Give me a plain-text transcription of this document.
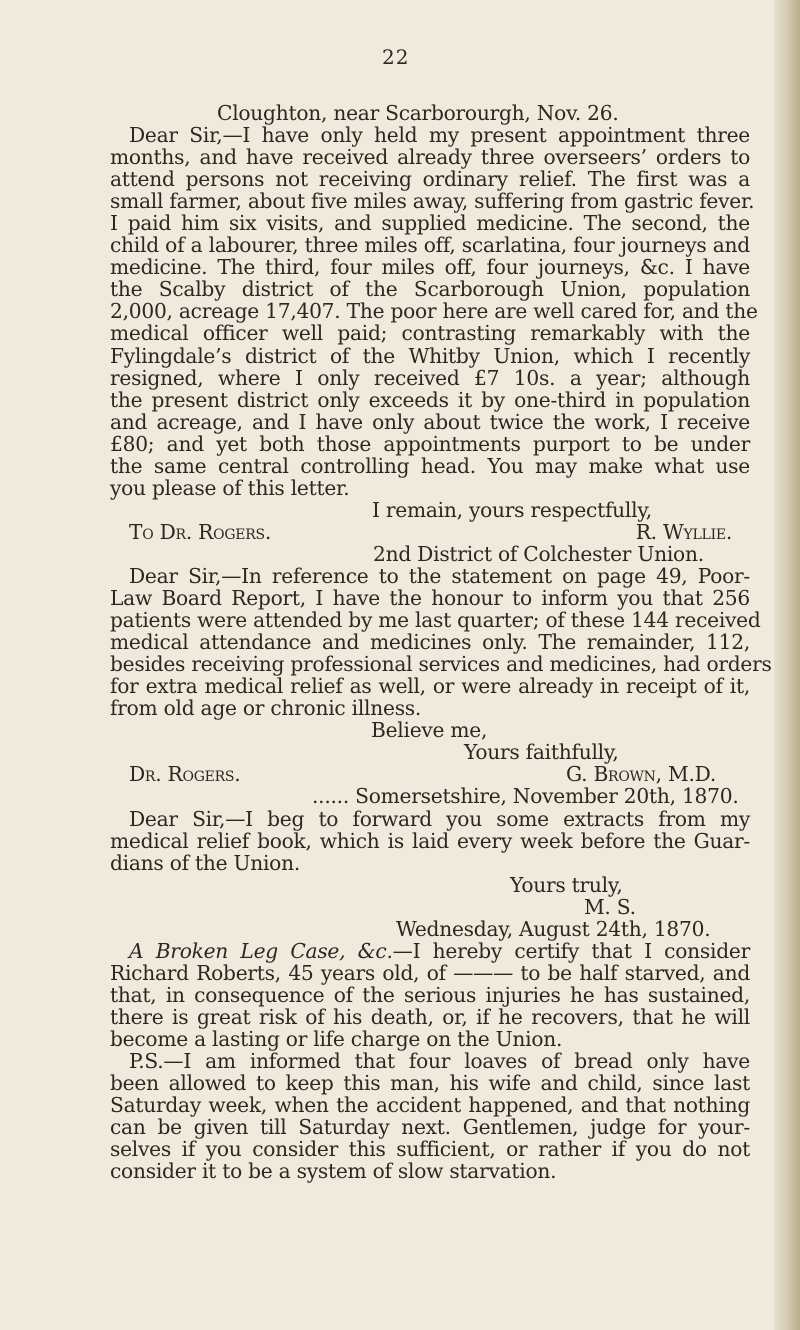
22
Cloughton, near Scarborourgh, Nov. 26.
Dear Sir,—I have only held my present appointment three
months, and have received already three overseers’ orders to
attend persons not receiving ordinary relief. The first was a
small farmer, about five miles away, suffering from gastric fever.
I paid him six visits, and supplied medicine. The second, the
child of a labourer, three miles off, scarlatina, four journeys and
medicine. The third, four miles off, four journeys, &c. I have
the Scalby district of the Scarborough Union, population
2,000, acreage 17,407. The poor here are well cared for, and the
medical officer well paid; contrasting remarkably with the
Fylingdale’s district of the Whitby Union, which I recently
resigned, where I only received £7 10s. a year; although
the present district only exceeds it by one-third in population
and acreage, and I have only about twice the work, I receive
£80; and yet both those appointments purport to be under
the same central controlling head. You may make what use
you please of this letter.
I remain, yours respectfully,
To Dr. Rogers.	R. Wyllie.
2nd District of Colchester Union.
Dear Sir,—In reference to the statement on page 49, Poor-
Law Board Report, I have the honour to inform you that 256
patients were attended by me last quarter; of these 144 received
medical attendance and medicines only. The remainder, 112,
besides receiving professional services and medicines, had orders
for extra medical relief as well, or were already in receipt of it,
from old age or chronic illness.
Believe me,
Yours faithfully,
Dr. Rogers.	G. Brown, M.D.
...... Somersetshire, November 20th, 1870.
Dear Sir,—I beg to forward you some extracts from my
medical relief book, which is laid every week before the Guar-
dians of the Union.
Yours truly,
M. S.
Wednesday, August 24th, 1870.
A Broken Leg Case, &c.—I hereby certify that I consider
Richard Roberts, 45 years old, of ——— to be half starved, and
that, in consequence of the serious injuries he has sustained,
there is great risk of his death, or, if he recovers, that he will
become a lasting or life charge on the Union.
P.S.—I am informed that four loaves of bread only have
been allowed to keep this man, his wife and child, since last
Saturday week, when the accident happened, and that nothing
can be given till Saturday next. Gentlemen, judge for your-
selves if you consider this sufficient, or rather if you do not
consider it to be a system of slow starvation.
